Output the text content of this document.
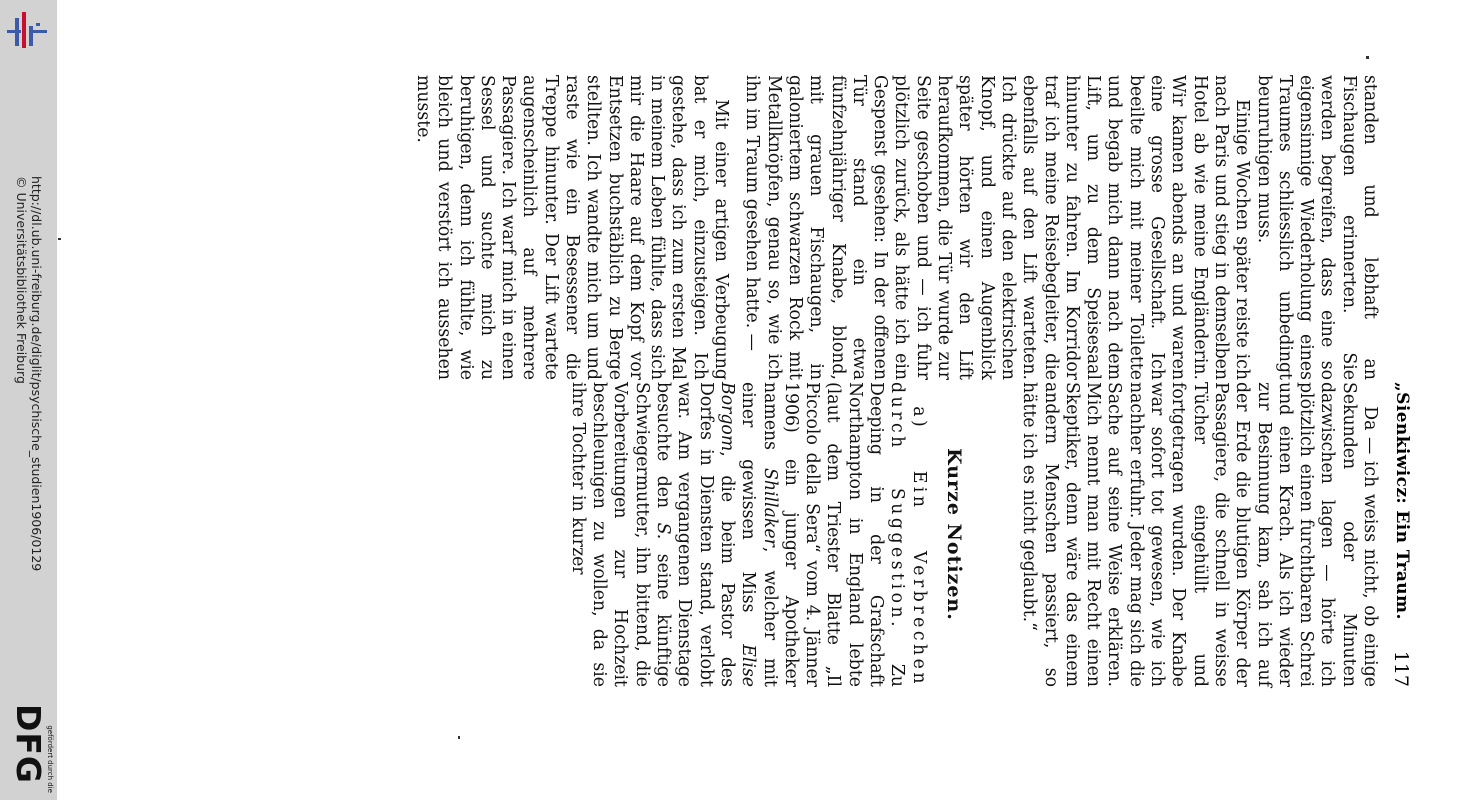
http://dl.ub.uni-freiburg.de/diglit/psychische_studien1906/0129
© Universitätsbibliothek Freiburg
gefördert durch die
DFG
„Sienkiwicz: Ein Traum.
117

standen und lebhaft an Fischaugen erinnerten. Sie werden begreifen, dass eine so eigensinnige Wiederholung eines Traumes schliesslich unbedingt beunruhigen muss.

Einige Wochen später reiste ich nach Paris und stieg in demselben Hotel ab wie meine Engländerin. Wir kamen abends an und waren eine grosse Gesellschaft. Ich beeilte mich mit meiner Toilette und begab mich dann nach dem Lift, um zu dem Speisesaal hinunter zu fahren. Im Korridor traf ich meine Reisebegleiter, die ebenfalls auf den Lift warteten. Ich drückte auf den elektrischen Knopf, und einen Augenblick später hörten wir den Lift heraufkommen, die Tür wurde zur Seite geschoben und — ich fuhr plötzlich zurück, als hätte ich ein Gespenst gesehen: In der offenen Tür stand ein etwa fünfzehnjähriger Knabe, blond, mit grauen Fischaugen, in galoniertem schwarzen Rock mit Metallknöpfen, genau so, wie ich ihn im Traum gesehen hatte. —

Mit einer artigen Verbeugung bat er mich, einzusteigen. Ich gestehe, dass ich zum ersten Mal in meinem Leben fühlte, dass sich mir die Haare auf dem Kopf vor Entsetzen buchstäblich zu Berge stellten. Ich wandte mich um und raste wie ein Besessener die Treppe hinunter. Der Lift wartete augenscheinlich auf mehrere Passagiere. Ich warf mich in einen Sessel und suchte mich zu beruhigen, denn ich fühlte, wie bleich und verstört ich aussehen musste.

Da — ich weiss nicht, ob einige Sekunden oder Minuten dazwischen lagen — hörte ich plötzlich einen furchtbaren Schrei und einen Krach. Als ich wieder zur Besinnung kam, sah ich auf der Erde die blutigen Körper der Passagiere, die schnell in weisse Tücher eingehüllt und fortgetragen wurden. Der Knabe war sofort tot gewesen, wie ich nachher erfuhr. Jeder mag sich die Sache auf seine Weise erklären. Mich nennt man mit Recht einen Skeptiker, denn wäre das einem andern Menschen passiert, so hätte ich es nicht geglaubt.“

Kurze Notizen.

a) Ein Verbrechen durch Suggestion. Zu Deeping in der Grafschaft Northampton in England lebte (laut dem Triester Blatte „Il Piccolo della Sera“ vom 4. Jänner 1906) ein junger Apotheker namens Shillaker, welcher mit einer gewissen Miss Elise Borgom, die beim Pastor des Dorfes in Diensten stand, verlobt war. Am vergangenen Dienstage besuchte den S. seine künftige Schwiegermutter, ihn bittend, die Vorbereitungen zur Hochzeit beschleunigen zu wollen, da sie ihre Tochter in kurzer
